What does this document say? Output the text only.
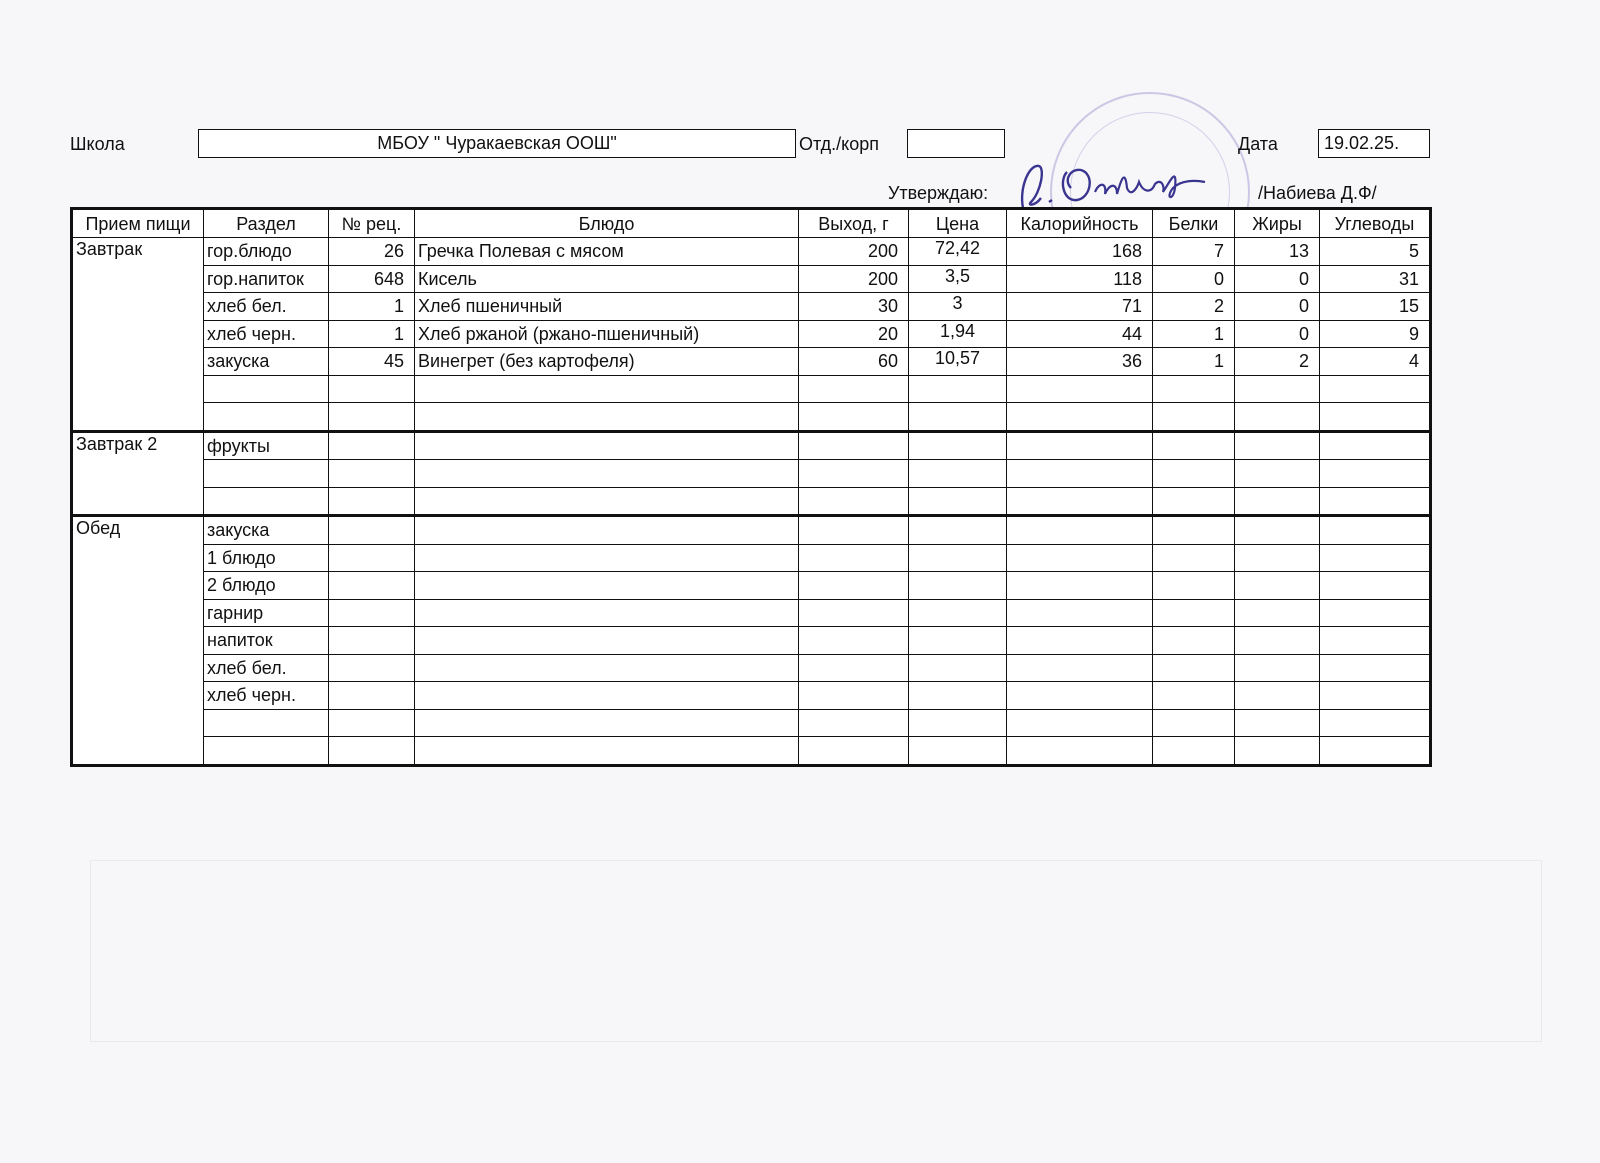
Школа	МБОУ " Чуракаевская ООШ"	Отд./корп	Дата	19.02.25.
Утверждаю:	/Набиева Д.Ф/
Прием пищи	Раздел	№ рец.	Блюдо	Выход, г	Цена	Калорийность	Белки	Жиры	Углеводы
Завтрак	гор.блюдо	26	Гречка Полевая с мясом	200	72,42	168	7	13	5
	гор.напиток	648	Кисель	200	3,5	118	0	0	31
	хлеб бел.	1	Хлеб пшеничный	30	3	71	2	0	15
	хлеб черн.	1	Хлеб ржаной (ржано-пшеничный)	20	1,94	44	1	0	9
	закуска	45	Винегрет (без картофеля)	60	10,57	36	1	2	4

Завтрак 2	фрукты								

Обед	закуска								
	1 блюдо								
	2 блюдо								
	гарнир								
	напиток								
	хлеб бел.								
	хлеб черн.								
